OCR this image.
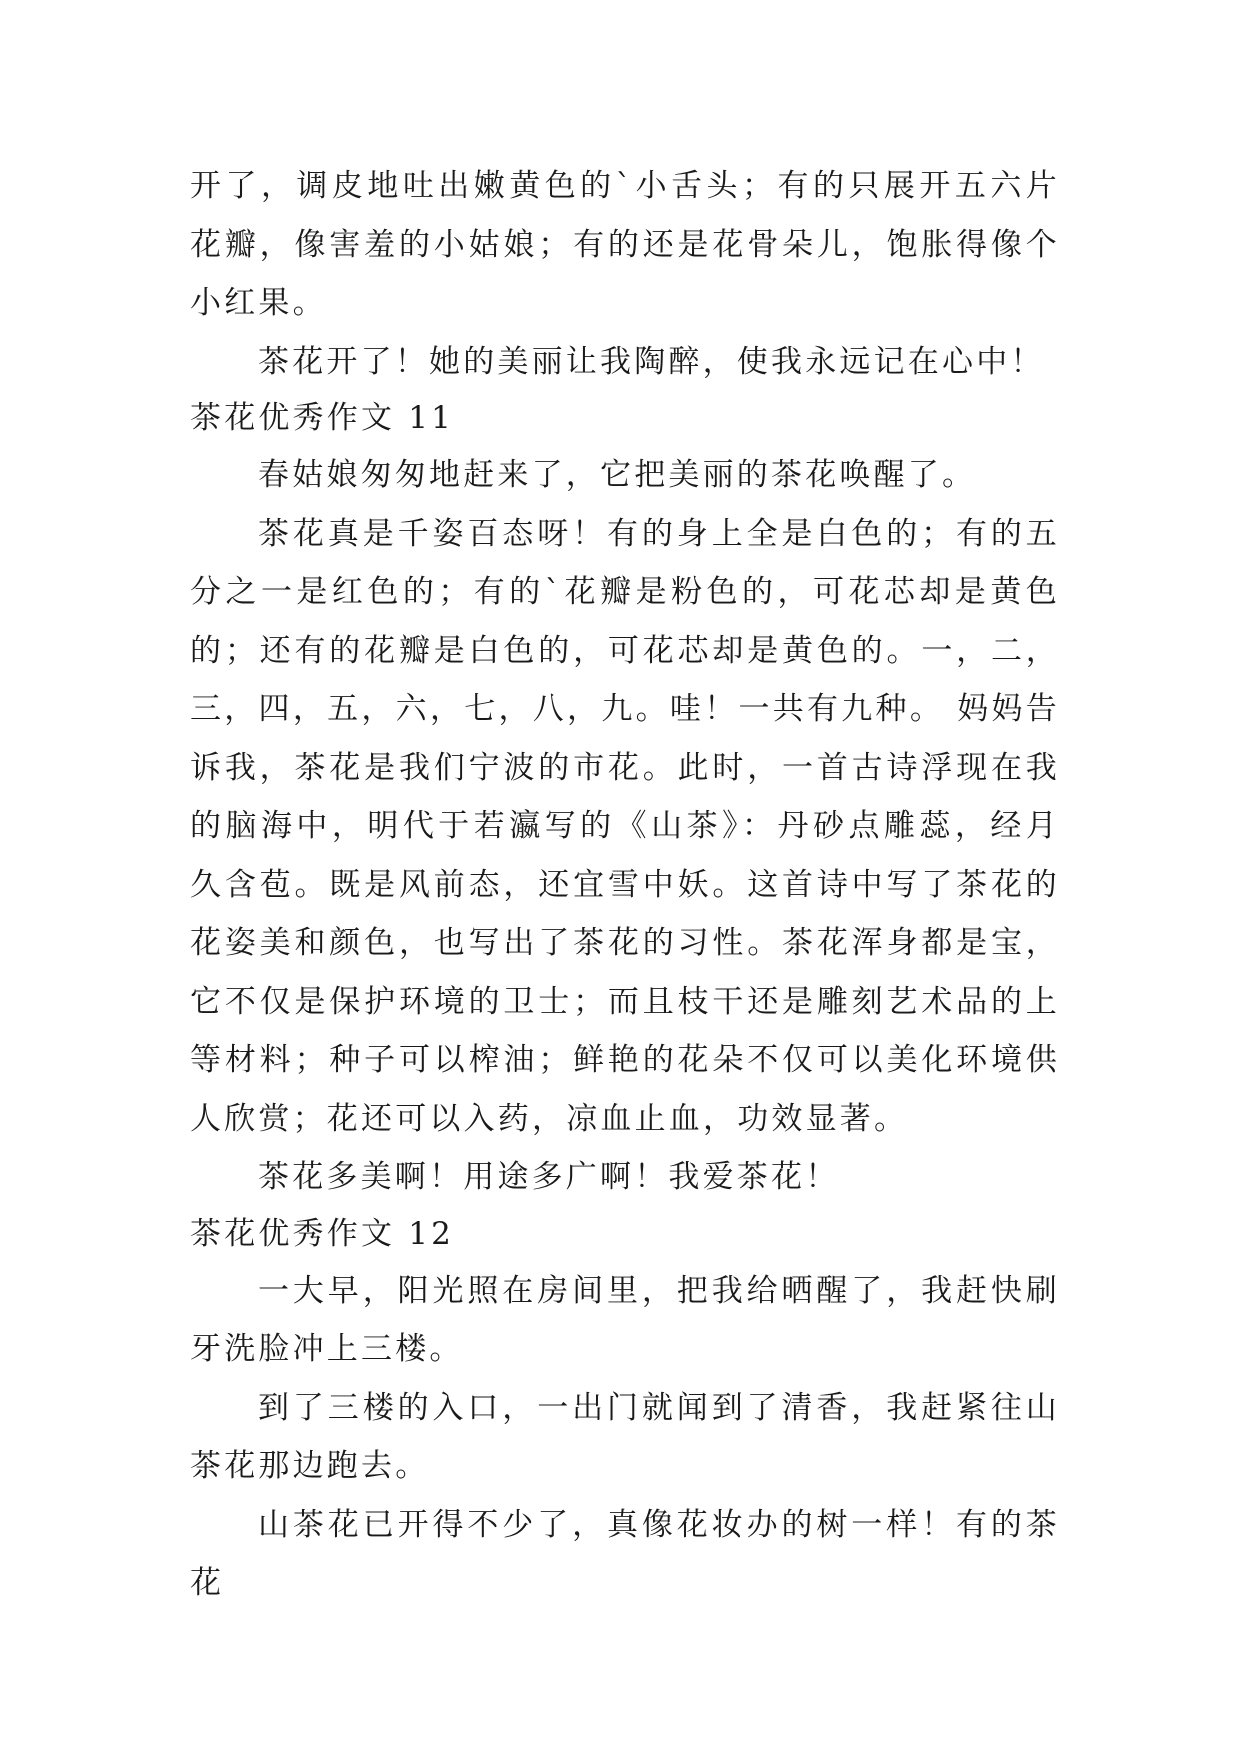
开了，调皮地吐出嫩黄色的`小舌头；有的只展开五六片花瓣，像害羞的小姑娘；有的还是花骨朵儿，饱胀得像个小红果。

茶花开了！她的美丽让我陶醉，使我永远记在心中！

茶花优秀作文 11

春姑娘匆匆地赶来了，它把美丽的茶花唤醒了。

茶花真是千姿百态呀！有的身上全是白色的；有的五分之一是红色的；有的`花瓣是粉色的，可花芯却是黄色的；还有的花瓣是白色的，可花芯却是黄色的。一，二，三，四，五，六，七，八，九。哇！一共有九种。 妈妈告诉我，茶花是我们宁波的市花。此时，一首古诗浮现在我的脑海中，明代于若瀛写的《山茶》：丹砂点雕蕊，经月久含苞。既是风前态，还宜雪中妖。这首诗中写了茶花的花姿美和颜色，也写出了茶花的习性。茶花浑身都是宝，它不仅是保护环境的卫士；而且枝干还是雕刻艺术品的上等材料；种子可以榨油；鲜艳的花朵不仅可以美化环境供人欣赏；花还可以入药，凉血止血，功效显著。

茶花多美啊！用途多广啊！我爱茶花！

茶花优秀作文 12

一大早，阳光照在房间里，把我给晒醒了，我赶快刷牙洗脸冲上三楼。

到了三楼的入口，一出门就闻到了清香，我赶紧往山茶花那边跑去。

山茶花已开得不少了，真像花妆办的树一样！有的茶花
